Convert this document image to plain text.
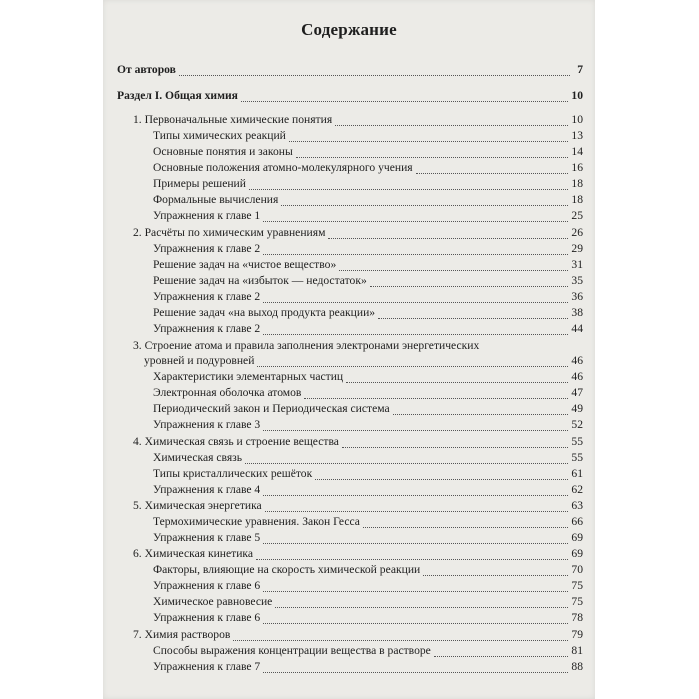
Содержание
От авторов	7
Раздел I. Общая химия	10
1. Первоначальные химические понятия	10
Типы химических реакций	13
Основные понятия и законы	14
Основные положения атомно-молекулярного учения	16
Примеры решений	18
Формальные вычисления	18
Упражнения к главе 1	25
2. Расчёты по химическим уравнениям	26
Упражнения к главе 2	29
Решение задач на «чистое вещество»	31
Решение задач на «избыток — недостаток»	35
Упражнения к главе 2	36
Решение задач «на выход продукта реакции»	38
Упражнения к главе 2	44
3. Строение атома и правила заполнения электронами энергетических
уровней и подуровней	46
Характеристики элементарных частиц	46
Электронная оболочка атомов	47
Периодический закон и Периодическая система	49
Упражнения к главе 3	52
4. Химическая связь и строение вещества	55
Химическая связь	55
Типы кристаллических решёток	61
Упражнения к главе 4	62
5. Химическая энергетика	63
Термохимические уравнения. Закон Гесса	66
Упражнения к главе 5	69
6. Химическая кинетика	69
Факторы, влияющие на скорость химической реакции	70
Упражнения к главе 6	75
Химическое равновесие	75
Упражнения к главе 6	78
7. Химия растворов	79
Способы выражения концентрации вещества в растворе	81
Упражнения к главе 7	88
